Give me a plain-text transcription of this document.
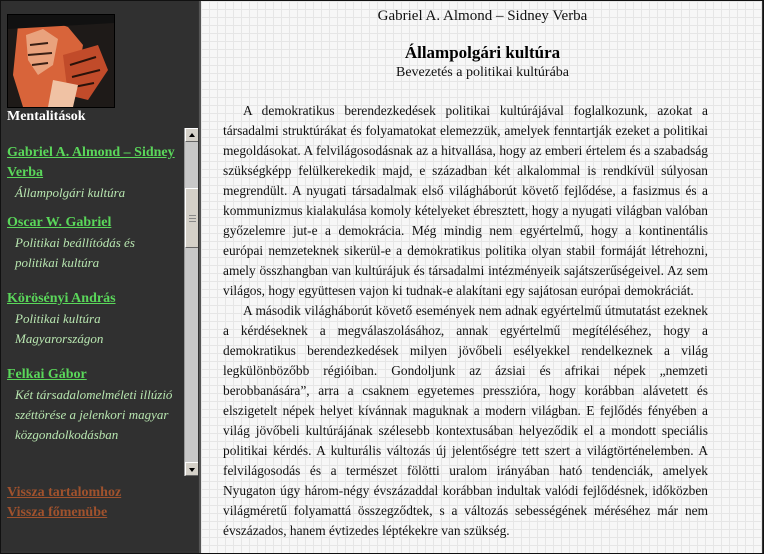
Mentalitások
Gabriel A. Almond – Sidney Verba
Állampolgári kultúra
Oscar W. Gabriel
Politikai beállítódás és politikai kultúra
Körösényi András
Politikai kultúra Magyarországon
Felkai Gábor
Két társadalomelméleti illúzió széttörése a jelenkori magyar közgondolkodásban
Vissza tartalomhoz
Vissza főmenübe
Gabriel A. Almond – Sidney Verba
Állampolgári kultúra
Bevezetés a politikai kultúrába

A demokratikus berendezkedések politikai kultúrájával foglalkozunk, azokat a társadalmi struktúrákat és folyamatokat elemezzük, amelyek fenntartják ezeket a politikai megoldásokat. A felvilágosodásnak az a hitvallása, hogy az emberi értelem és a szabadság szükségképp felülkerekedik majd, e században két alkalommal is rendkívül súlyosan megrendült. A nyugati társadalmak első világháborút követő fejlődése, a fasizmus és a kommunizmus kialakulása komoly kételyeket ébresztett, hogy a nyugati világban valóban győzelemre jut-e a demokrácia. Még mindig nem egyértelmű, hogy a kontinentális európai nemzeteknek sikerül-e a demokratikus politika olyan stabil formáját létrehozni, amely összhangban van kultúrájuk és társadalmi intézményeik sajátszerűségeivel. Az sem világos, hogy együttesen vajon ki tudnak-e alakítani egy sajátosan európai demokráciát.

A második világháborút követő események nem adnak egyértelmű útmutatást ezeknek a kérdéseknek a megválaszolásához, annak egyértelmű megítéléséhez, hogy a demokratikus berendezkedések milyen jövőbeli esélyekkel rendelkeznek a világ legkülönbözőbb régióiban. Gondoljunk az ázsiai és afrikai népek „nemzeti berobbanására”, arra a csaknem egyetemes presszióra, hogy korábban alávetett és elszigetelt népek helyet kívánnak maguknak a modern világban. E fejlődés fényében a világ jövőbeli kultúrájának szélesebb kontextusában helyeződik el a mondott speciális politikai kérdés. A kulturális változás új jelentőségre tett szert a világtörténelemben. A felvilágosodás és a természet fölötti uralom irányában ható tendenciák, amelyek Nyugaton úgy három-négy évszázaddal korábban indultak valódi fejlődésnek, időközben világméretű folyamattá összegződtek, s a változás sebességének méréséhez már nem évszázados, hanem évtizedes léptékekre van szükség.
